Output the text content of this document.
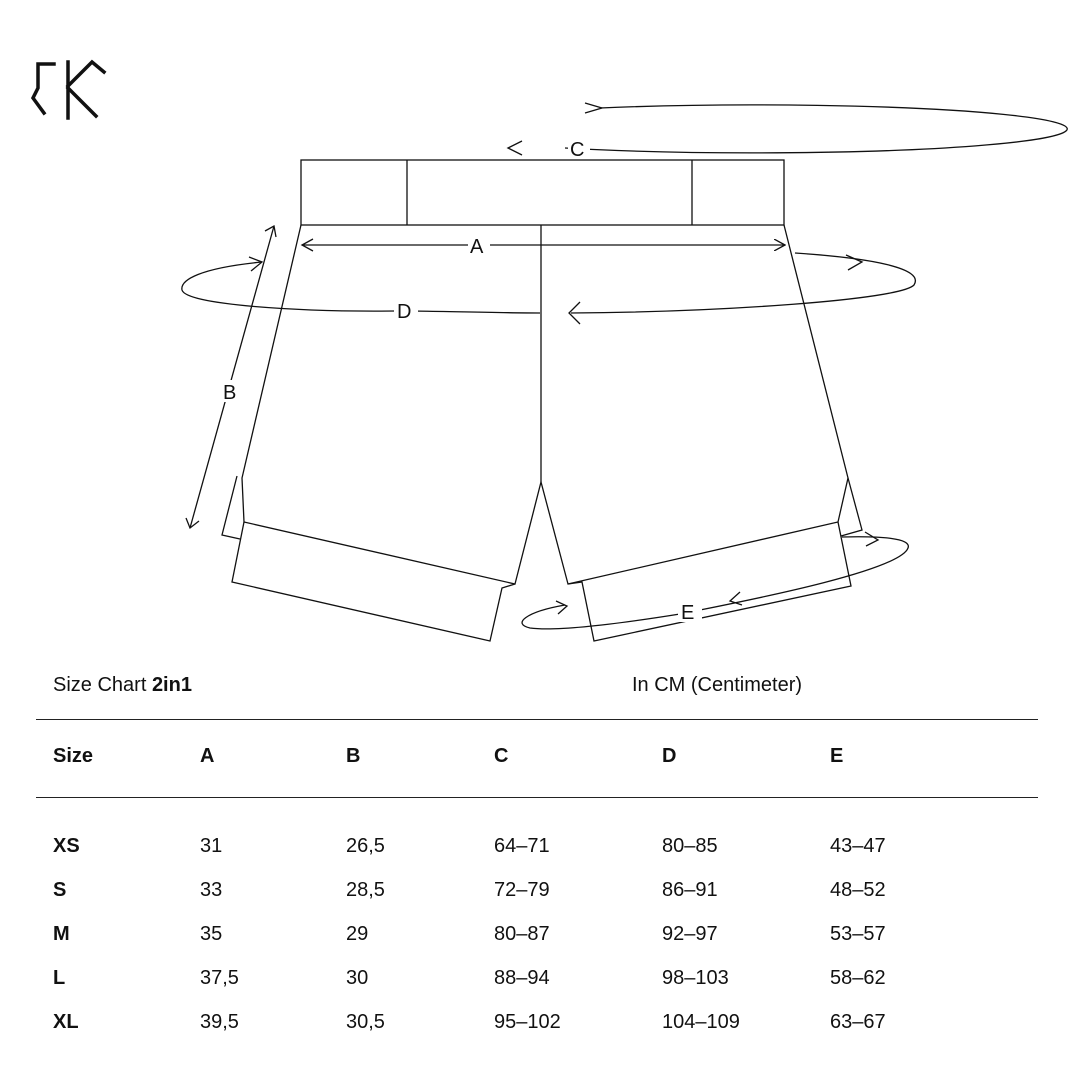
C
A
D
B
E
Size Chart 2in1	In CM (Centimeter)
Size	A	B	C	D	E
XS	31	26,5	64–71	80–85	43–47
S	33	28,5	72–79	86–91	48–52
M	35	29	80–87	92–97	53–57
L	37,5	30	88–94	98–103	58–62
XL	39,5	30,5	95–102	104–109	63–67
